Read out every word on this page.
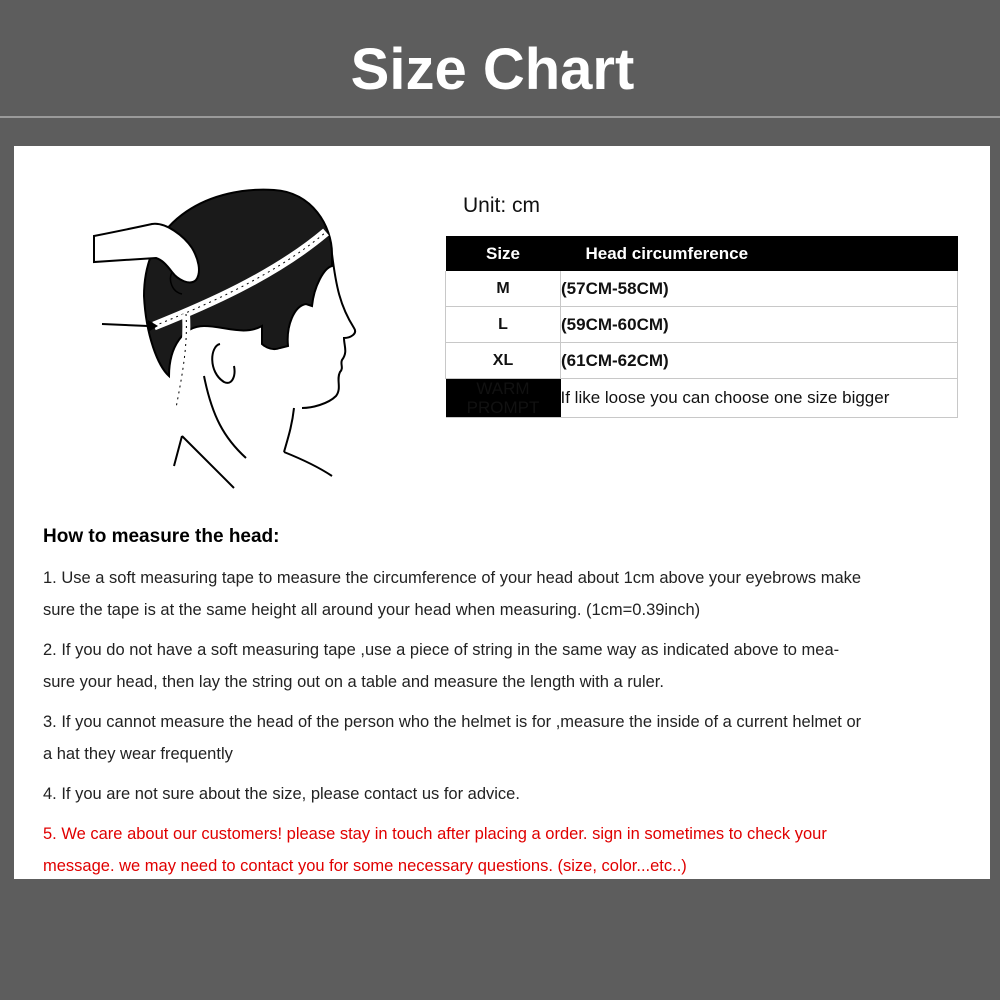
Size Chart
Unit: cm
Size	Head circumference
M	(57CM-58CM)
L	(59CM-60CM)
XL	(61CM-62CM)
WARM
PROMPT	If like loose you can choose one size bigger
How to measure the head:

1. Use a soft measuring tape to measure the circumference of your head about 1cm above your eyebrows make
sure the tape is at the same height all around your head when measuring. (1cm=0.39inch)

2. If you do not have a soft measuring tape ,use a piece of string in the same way as indicated above to mea-
sure your head, then lay the string out on a table and measure the length with a ruler.

3. If you cannot measure the head of the person who the helmet is for ,measure the inside of a current helmet or
a hat they wear frequently

4. If you are not sure about the size, please contact us for advice.

5. We care about our customers! please stay in touch after placing a order. sign in sometimes to check your
message. we may need to contact you for some necessary questions. (size, color...etc..)
